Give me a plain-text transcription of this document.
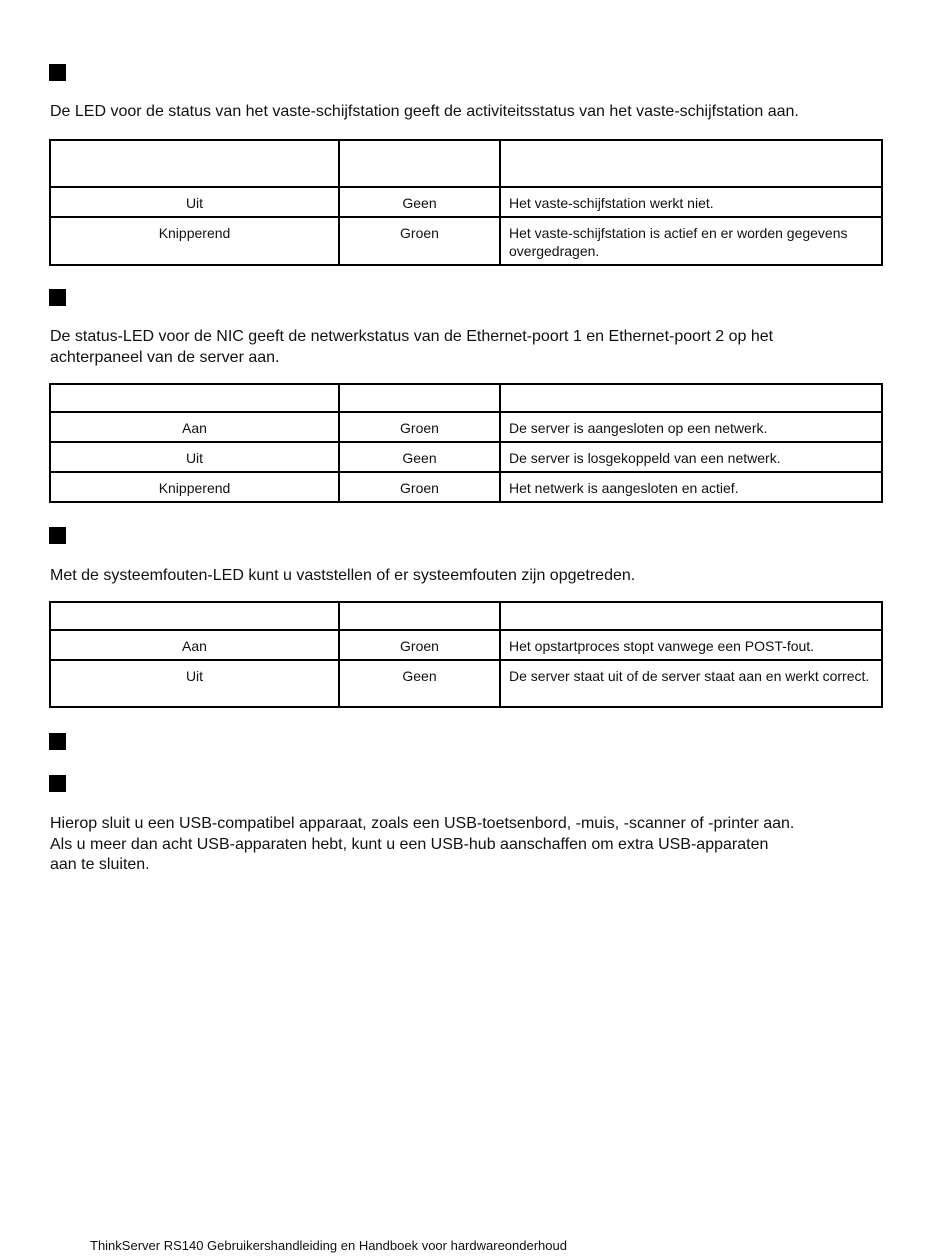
De LED voor de status van het vaste-schijfstation geeft de activiteitsstatus van het vaste-schijfstation aan.

Uit	Geen	Het vaste-schijfstation werkt niet.
Knipperend	Groen	Het vaste-schijfstation is actief en er worden gegevens overgedragen.

De status-LED voor de NIC geeft de netwerkstatus van de Ethernet-poort 1 en Ethernet-poort 2 op het
achterpaneel van de server aan.

Aan	Groen	De server is aangesloten op een netwerk.
Uit	Geen	De server is losgekoppeld van een netwerk.
Knipperend	Groen	Het netwerk is aangesloten en actief.

Met de systeemfouten-LED kunt u vaststellen of er systeemfouten zijn opgetreden.

Aan	Groen	Het opstartproces stopt vanwege een POST-fout.
Uit	Geen	De server staat uit of de server staat aan en werkt correct.

Hierop sluit u een USB-compatibel apparaat, zoals een USB-toetsenbord, -muis, -scanner of -printer aan.
Als u meer dan acht USB-apparaten hebt, kunt u een USB-hub aanschaffen om extra USB-apparaten
aan te sluiten.

ThinkServer RS140 Gebruikershandleiding en Handboek voor hardwareonderhoud
